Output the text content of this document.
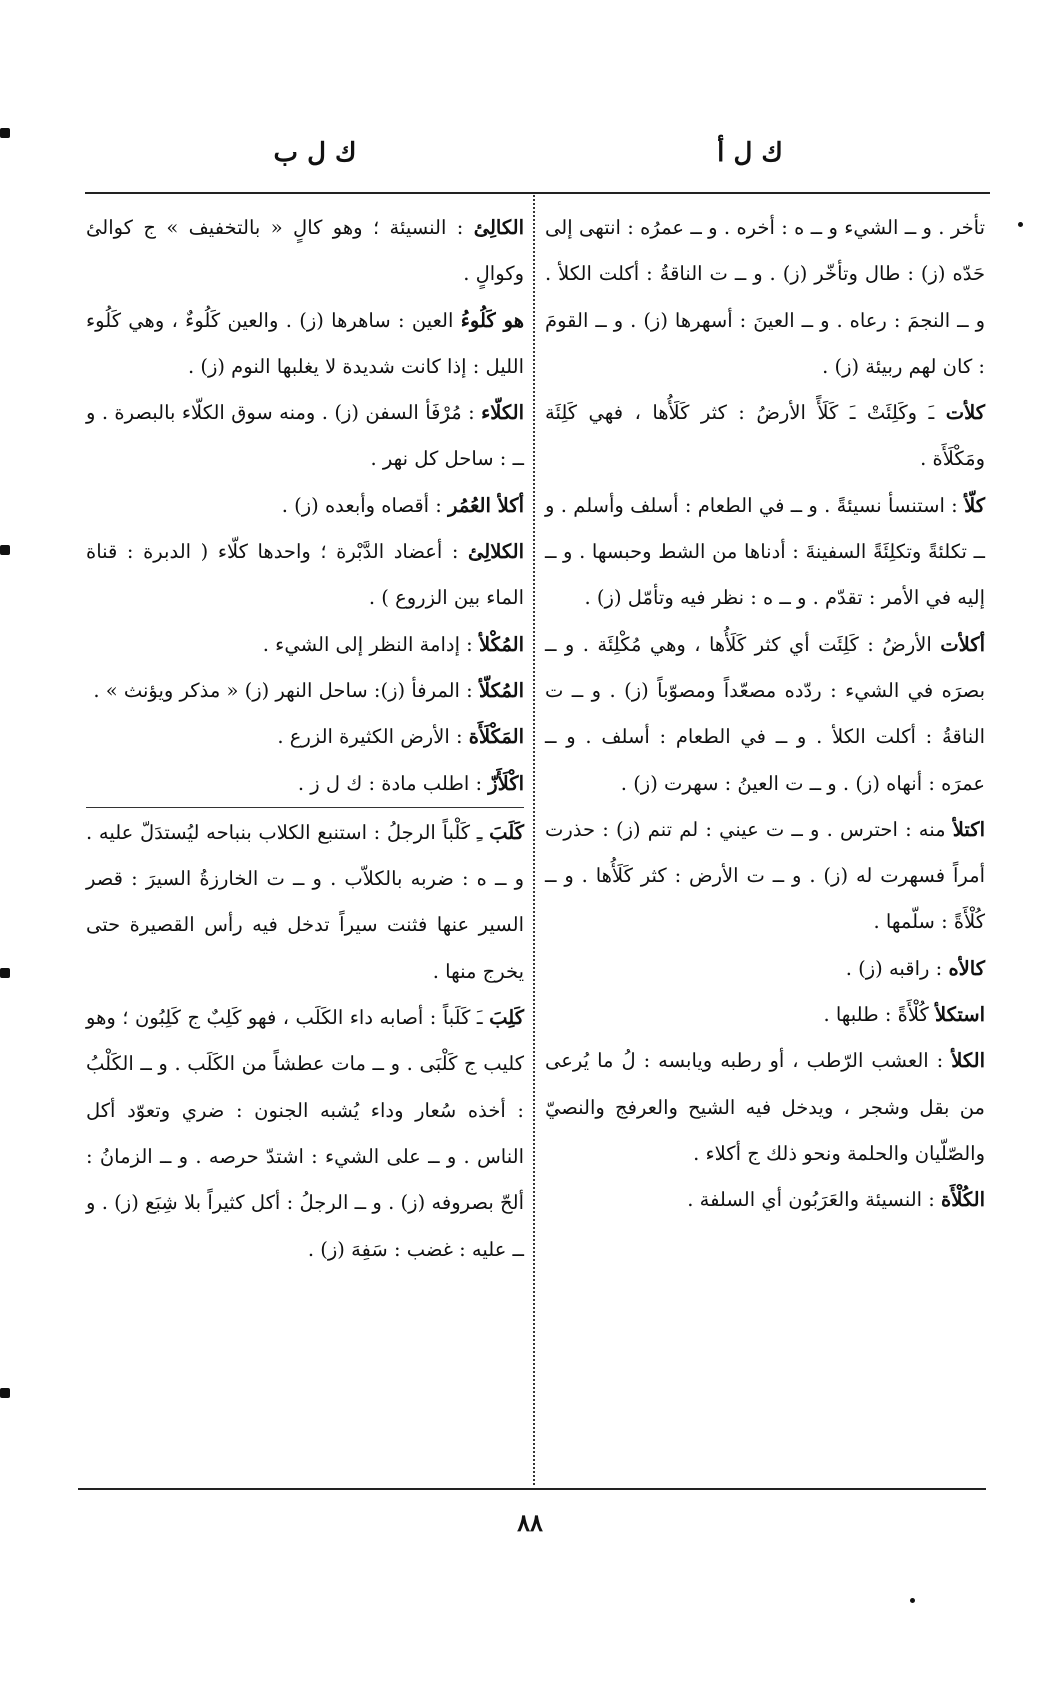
ك ل أ
ك ل ب

تأخر . و ــ الشيء و ــ ه : أخره . و ــ عمرُه : انتهى إلى حَدّه (ز) : طال وتأخّر (ز) . و ــ ت الناقةُ : أكلت الكلأ . و ــ النجمَ : رعاه . و ــ العينَ : أسهرها (ز) . و ــ القومَ : كان لهم ربيئة (ز) .

كلأت ـَ وكَلِئَتْ ـَ كَلَأً الأرضُ : كثر كَلَأُها ، فهي كَلِئَة ومَكْلَأَة .

كلّأ : استنسأ نسيئةً . و ــ في الطعام : أسلف وأسلم . و ــ تكلئةً وتكلِئَةً السفينةَ : أدناها من الشط وحبسها . و ــ إليه في الأمر : تقدّم . و ــ ه : نظر فيه وتأمّل (ز) .

أكلأت الأرضُ : كَلِئَت أي كثر كَلَأُها ، وهي مُكْلِئَة . و ــ بصرَه في الشيء : ردّده مصعّداً ومصوّباً (ز) . و ــ ت الناقةُ : أكلت الكلأ . و ــ في الطعام : أسلف . و ــ عمرَه : أنهاه (ز) . و ــ ت العينُ : سهرت (ز) .

اكتلأ منه : احترس . و ــ ت عيني : لم تنم (ز) : حذرت أمراً فسهرت له (ز) . و ــ ت الأرض : كثر كَلَأُها . و ــ كُلْأَةً : سلّمها .

كالأه : راقبه (ز) .

استكلأ كُلْأَةً : طلبها .

الكلأ : العشب الرّطب ، أو رطبه ويابسه : لُ ما يُرعى من بقل وشجر ، ويدخل فيه الشيح والعرفج والنصيّ والصّلّيان والحلمة ونحو ذلك ج أكلاء .

الكُلْأَة : النسيئة والعَرَبُون أي السلفة .

الكالِئ : النسيئة ؛ وهو كالٍ « بالتخفيف » ج كوالئ وكوالٍ .

هو كَلُوءُ العين : ساهرها (ز) . والعين كَلُوءٌ ، وهي كَلُوء الليل : إذا كانت شديدة لا يغلبها النوم (ز) .

الكلّاء : مُرْفَأ السفن (ز) . ومنه سوق الكلّاء بالبصرة . و ــ : ساحل كل نهر .

أكلأ العُمُر : أقصاه وأبعده (ز) .

الكلالِئ : أعضاد الدَّبْرة ؛ واحدها كلّاء ( الدبرة : قناة الماء بين الزروع ) .

المُكْلأ : إدامة النظر إلى الشيء .

المُكلّأ : المرفأ (ز): ساحل النهر (ز) « مذكر ويؤنث » .

المَكْلَأَة : الأرض الكثيرة الزرع .

اكْلَأَزّ : اطلب مادة : ك ل ز .

كَلَبَ ـِ كَلْباً الرجلُ : استنبع الكلاب بنباحه ليُستدَلّ عليه . و ــ ه : ضربه بالكلاّب . و ــ ت الخارزةُ السيرَ : قصر السير عنها فثنت سيراً تدخل فيه رأس القصيرة حتى يخرج منها .

كَلِبَ ـَ كَلَباً : أصابه داء الكَلَب ، فهو كَلِبٌ ج كَلِبُون ؛ وهو كليب ج كَلْبَى . و ــ مات عطشاً من الكَلَب . و ــ الكَلْبُ : أخذه سُعار وداء يُشبه الجنون : ضري وتعوّد أكل الناس . و ــ على الشيء : اشتدّ حرصه . و ــ الزمانُ : ألحّ بصروفه (ز) . و ــ الرجلُ : أكل كثيراً بلا شِبَع (ز) . و ــ عليه : غضب : سَفِهَ (ز) .

٨٨
